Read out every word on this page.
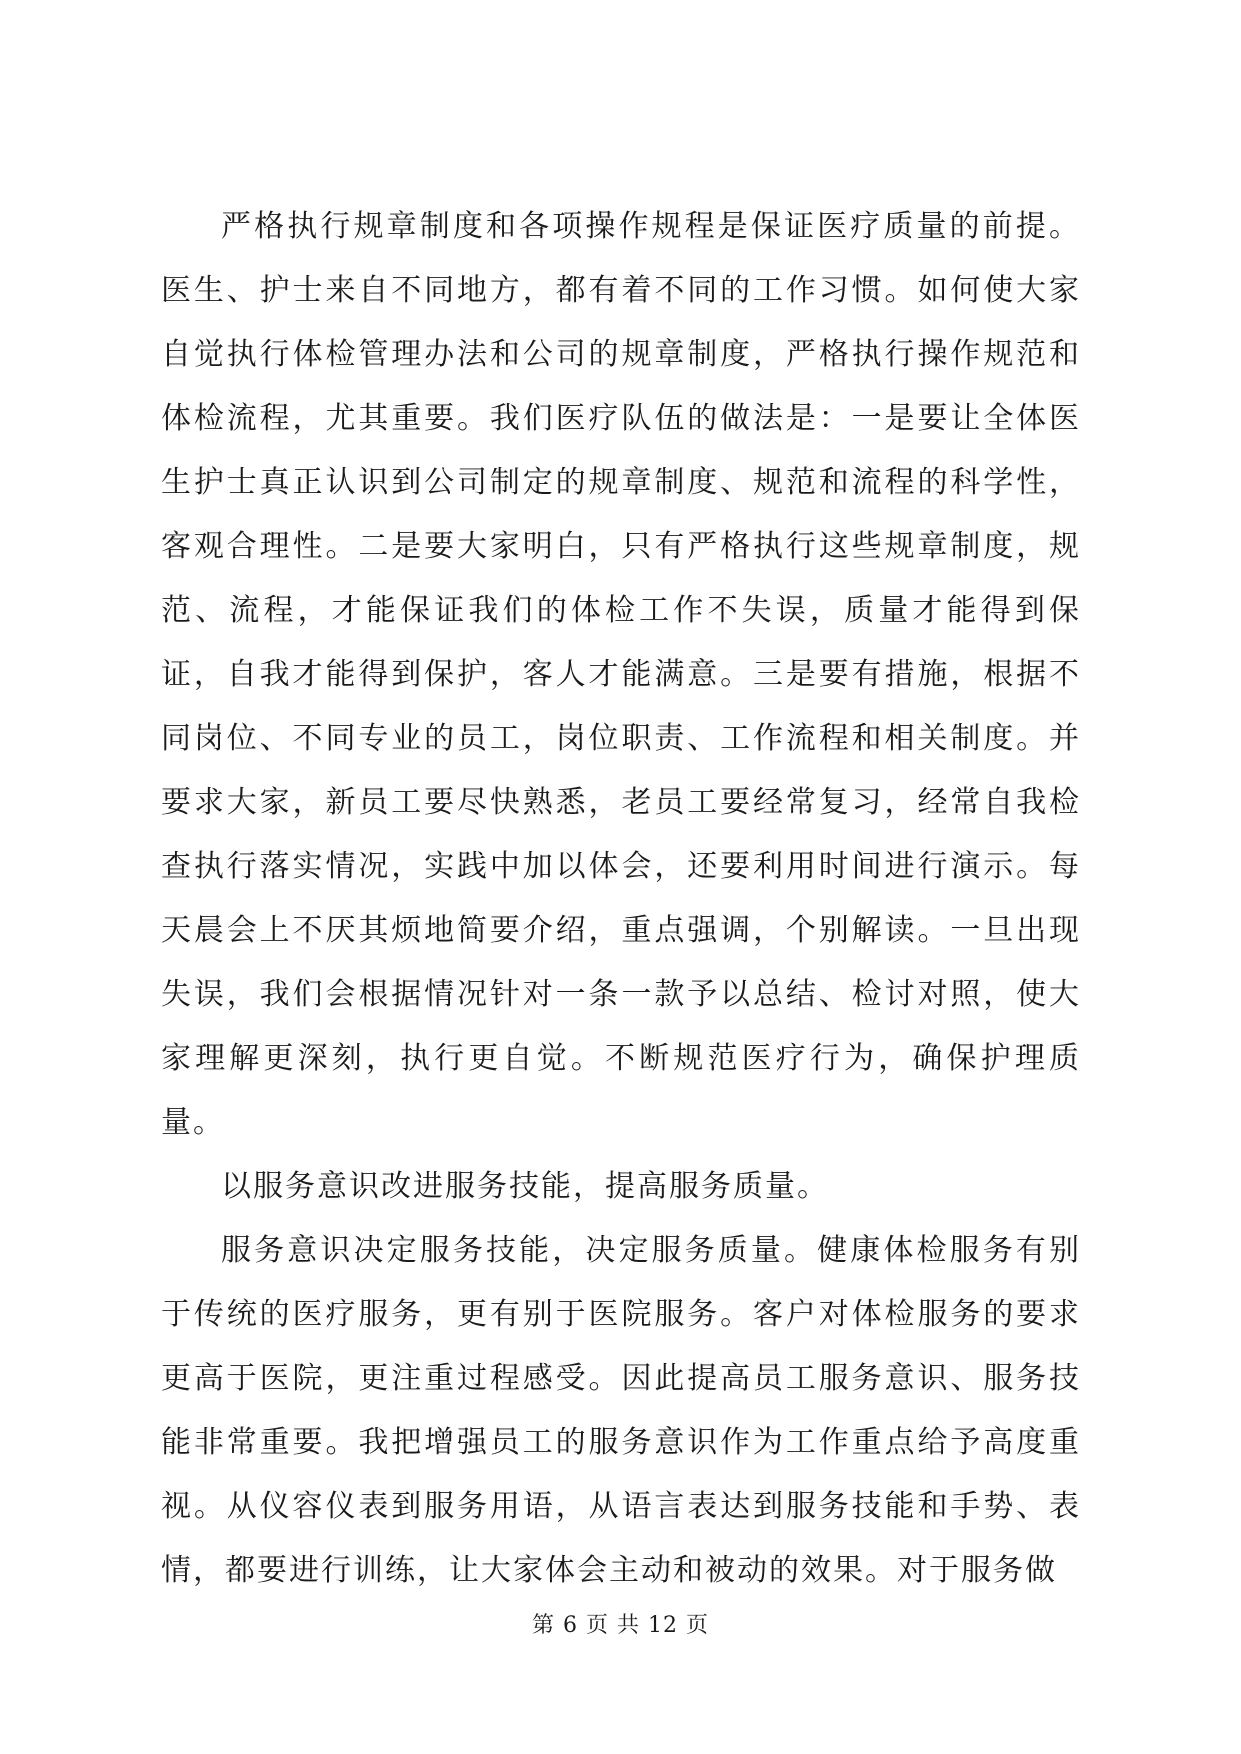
严格执行规章制度和各项操作规程是保证医疗质量的前提。医生、护士来自不同地方，都有着不同的工作习惯。如何使大家自觉执行体检管理办法和公司的规章制度，严格执行操作规范和体检流程，尤其重要。我们医疗队伍的做法是：一是要让全体医生护士真正认识到公司制定的规章制度、规范和流程的科学性，客观合理性。二是要大家明白，只有严格执行这些规章制度，规范、流程，才能保证我们的体检工作不失误，质量才能得到保证，自我才能得到保护，客人才能满意。三是要有措施，根据不同岗位、不同专业的员工，岗位职责、工作流程和相关制度。并要求大家，新员工要尽快熟悉，老员工要经常复习，经常自我检查执行落实情况，实践中加以体会，还要利用时间进行演示。每天晨会上不厌其烦地简要介绍，重点强调，个别解读。一旦出现失误，我们会根据情况针对一条一款予以总结、检讨对照，使大家理解更深刻，执行更自觉。不断规范医疗行为，确保护理质量。

以服务意识改进服务技能，提高服务质量。

服务意识决定服务技能，决定服务质量。健康体检服务有别于传统的医疗服务，更有别于医院服务。客户对体检服务的要求更高于医院，更注重过程感受。因此提高员工服务意识、服务技能非常重要。我把增强员工的服务意识作为工作重点给予高度重视。从仪容仪表到服务用语，从语言表达到服务技能和手势、表情，都要进行训练，让大家体会主动和被动的效果。对于服务做

第 6 页 共 12 页
